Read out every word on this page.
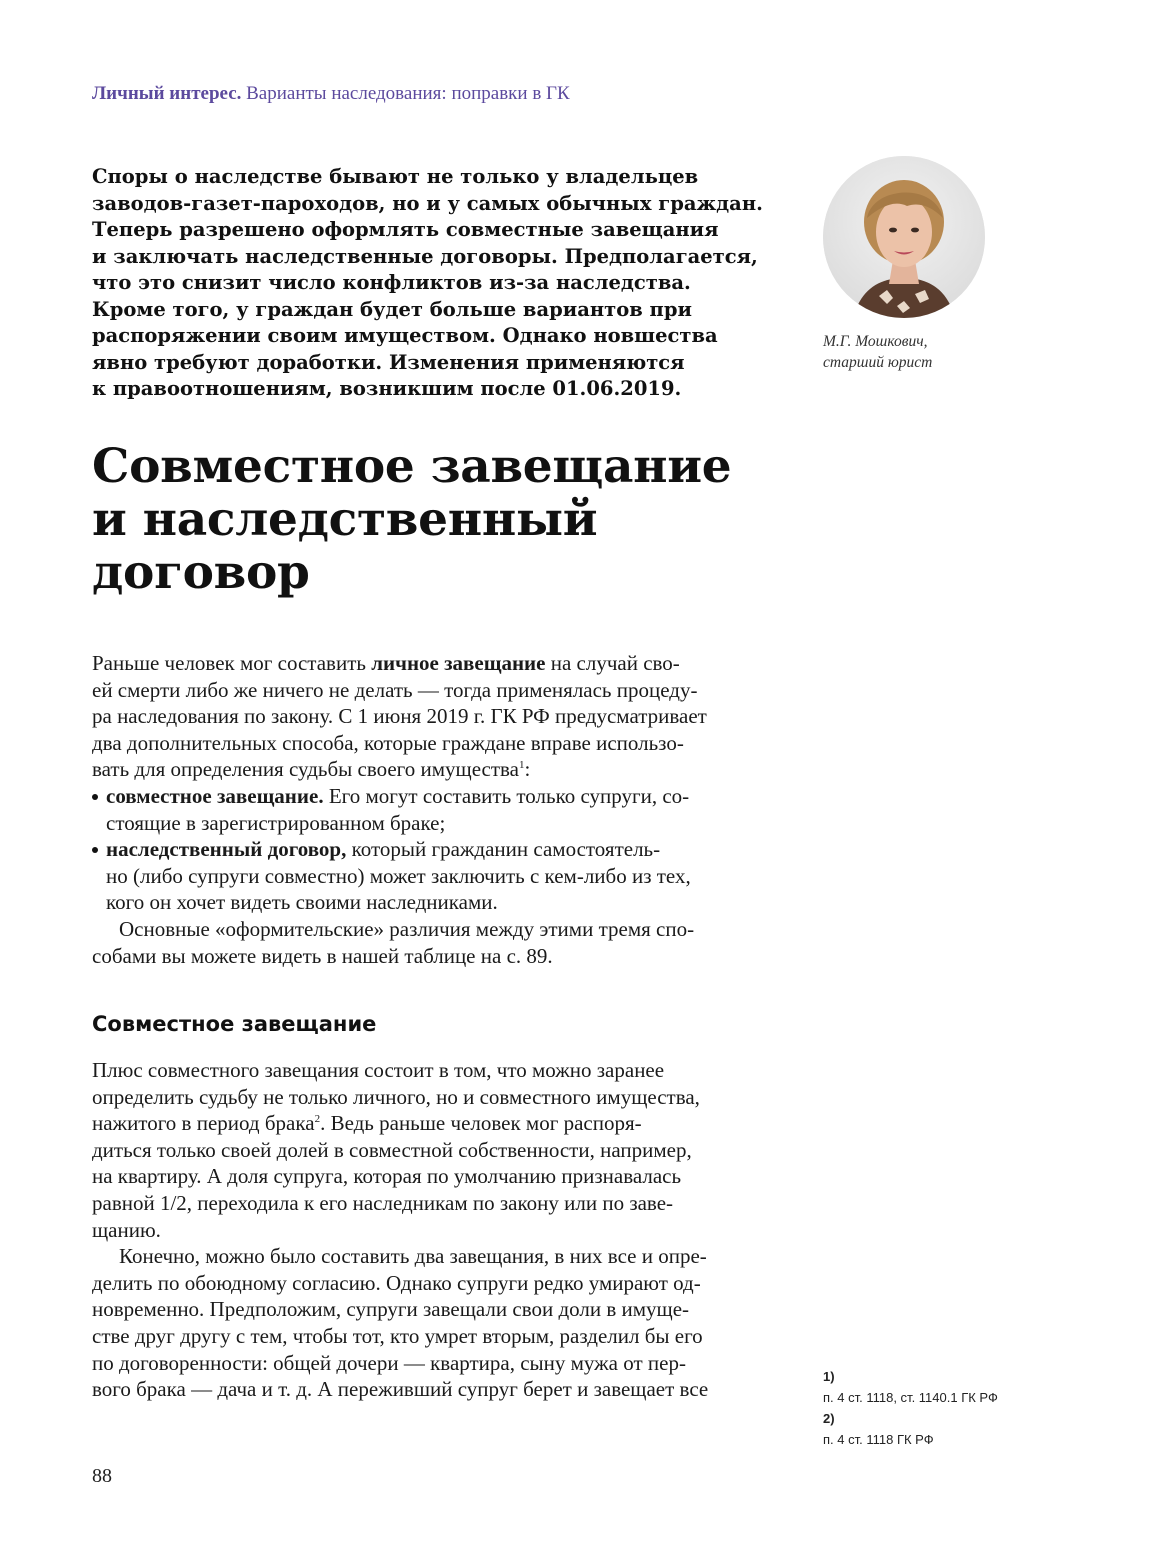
Личный интерес. Варианты наследования: поправки в ГК
Споры о наследстве бывают не только у владельцев
заводов-газет-пароходов, но и у самых обычных граждан.
Теперь разрешено оформлять совместные завещания
и заключать наследственные договоры. Предполагается,
что это снизит число конфликтов из-за наследства.
Кроме того, у граждан будет больше вариантов при
распоряжении своим имуществом. Однако новшества
явно требуют доработки. Изменения применяются
к правоотношениям, возникшим после 01.06.2019.
М.Г. Мошкович,
старший юрист
Совместное завещание
и наследственный
договор
Раньше человек мог составить личное завещание на случай сво-
ей смерти либо же ничего не делать — тогда применялась процеду-
ра наследования по закону. С 1 июня 2019 г. ГК РФ предусматривает
два дополнительных способа, которые граждане вправе использо-
вать для определения судьбы своего имущества$^1$:
совместное завещание. Его могут составить только супруги, со-
стоящие в зарегистрированном браке;
наследственный договор, который гражданин самостоятель-
но (либо супруги совместно) может заключить с кем-либо из тех,
кого он хочет видеть своими наследниками.
Основные «оформительские» различия между этими тремя спо-
собами вы можете видеть в нашей таблице на с. 89.
Совместное завещание
Плюс совместного завещания состоит в том, что можно заранее
определить судьбу не только личного, но и совместного имущества,
нажитого в период брака$^2$. Ведь раньше человек мог распоря-
диться только своей долей в совместной собственности, например,
на квартиру. А доля супруга, которая по умолчанию признавалась
равной 1/2, переходила к его наследникам по закону или по заве-
щанию.
Конечно, можно было составить два завещания, в них все и опре-
делить по обоюдному согласию. Однако супруги редко умирают од-
новременно. Предположим, супруги завещали свои доли в имуще-
стве друг другу с тем, чтобы тот, кто умрет вторым, разделил бы его
по договоренности: общей дочери — квартира, сыну мужа от пер-
вого брака — дача и т. д. А переживший супруг берет и завещает все
1)
п. 4 ст. 1118, ст. 1140.1 ГК РФ
2)
п. 4 ст. 1118 ГК РФ
88
